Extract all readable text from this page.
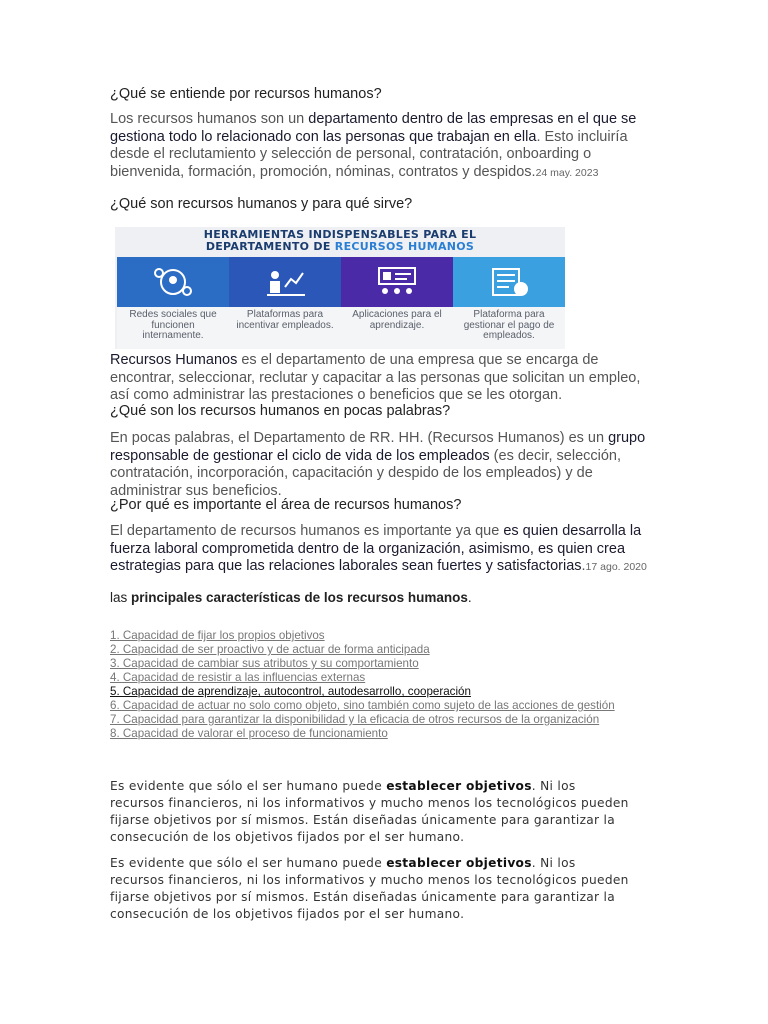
¿Qué se entiende por recursos humanos?
Los recursos humanos son un departamento dentro de las empresas en el que se gestiona todo lo relacionado con las personas que trabajan en ella. Esto incluiría desde el reclutamiento y selección de personal, contratación, onboarding o bienvenida, formación, promoción, nóminas, contratos y despidos.24 may. 2023
¿Qué son recursos humanos y para qué sirve?
HERRAMIENTAS INDISPENSABLES PARA EL
DEPARTAMENTO DE RECURSOS HUMANOS
Redes sociales que funcionen internamente.
Plataformas para incentivar empleados.
Aplicaciones para el aprendizaje.
Plataforma para gestionar el pago de empleados.
Recursos Humanos es el departamento de una empresa que se encarga de encontrar, seleccionar, reclutar y capacitar a las personas que solicitan un empleo, así como administrar las prestaciones o beneficios que se les otorgan.
¿Qué son los recursos humanos en pocas palabras?
En pocas palabras, el Departamento de RR. HH. (Recursos Humanos) es un grupo responsable de gestionar el ciclo de vida de los empleados (es decir, selección, contratación, incorporación, capacitación y despido de los empleados) y de administrar sus beneficios.
¿Por qué es importante el área de recursos humanos?
El departamento de recursos humanos es importante ya que es quien desarrolla la fuerza laboral comprometida dentro de la organización, asimismo, es quien crea estrategias para que las relaciones laborales sean fuertes y satisfactorias.17 ago. 2020
las principales características de los recursos humanos.
1. Capacidad de fijar los propios objetivos
2. Capacidad de ser proactivo y de actuar de forma anticipada
3. Capacidad de cambiar sus atributos y su comportamiento
4. Capacidad de resistir a las influencias externas
5. Capacidad de aprendizaje, autocontrol, autodesarrollo, cooperación
6. Capacidad de actuar no solo como objeto, sino también como sujeto de las acciones de gestión
7. Capacidad para garantizar la disponibilidad y la eficacia de otros recursos de la organización
8. Capacidad de valorar el proceso de funcionamiento
Es evidente que sólo el ser humano puede establecer objetivos. Ni los recursos financieros, ni los informativos y mucho menos los tecnológicos pueden fijarse objetivos por sí mismos. Están diseñadas únicamente para garantizar la consecución de los objetivos fijados por el ser humano.
Es evidente que sólo el ser humano puede establecer objetivos. Ni los recursos financieros, ni los informativos y mucho menos los tecnológicos pueden fijarse objetivos por sí mismos. Están diseñadas únicamente para garantizar la consecución de los objetivos fijados por el ser humano.
